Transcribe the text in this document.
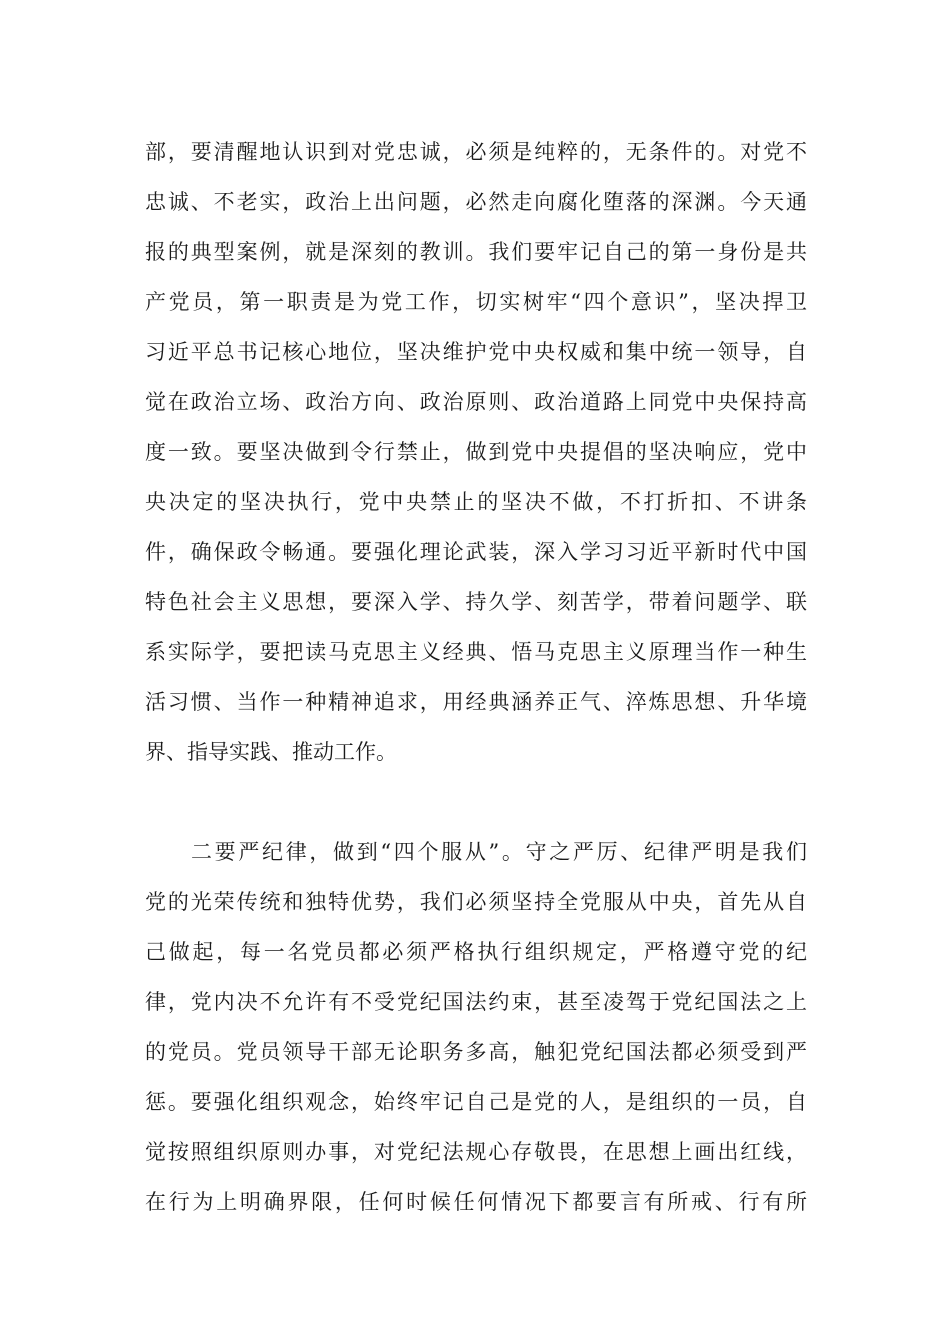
部，要清醒地认识到对党忠诚，必须是纯粹的，无条件的。对党不
忠诚、不老实，政治上出问题，必然走向腐化堕落的深渊。今天通
报的典型案例，就是深刻的教训。我们要牢记自己的第一身份是共
产党员，第一职责是为党工作，切实树牢“四个意识”，坚决捍卫
习近平总书记核心地位，坚决维护党中央权威和集中统一领导，自
觉在政治立场、政治方向、政治原则、政治道路上同党中央保持高
度一致。要坚决做到令行禁止，做到党中央提倡的坚决响应，党中
央决定的坚决执行，党中央禁止的坚决不做，不打折扣、不讲条
件，确保政令畅通。要强化理论武装，深入学习习近平新时代中国
特色社会主义思想，要深入学、持久学、刻苦学，带着问题学、联
系实际学，要把读马克思主义经典、悟马克思主义原理当作一种生
活习惯、当作一种精神追求，用经典涵养正气、淬炼思想、升华境
界、指导实践、推动工作。
二要严纪律，做到“四个服从”。守之严厉、纪律严明是我们
党的光荣传统和独特优势，我们必须坚持全党服从中央，首先从自
己做起，每一名党员都必须严格执行组织规定，严格遵守党的纪
律，党内决不允许有不受党纪国法约束，甚至凌驾于党纪国法之上
的党员。党员领导干部无论职务多高，触犯党纪国法都必须受到严
惩。要强化组织观念，始终牢记自己是党的人，是组织的一员，自
觉按照组织原则办事，对党纪法规心存敬畏，在思想上画出红线，
在行为上明确界限，任何时候任何情况下都要言有所戒、行有所
